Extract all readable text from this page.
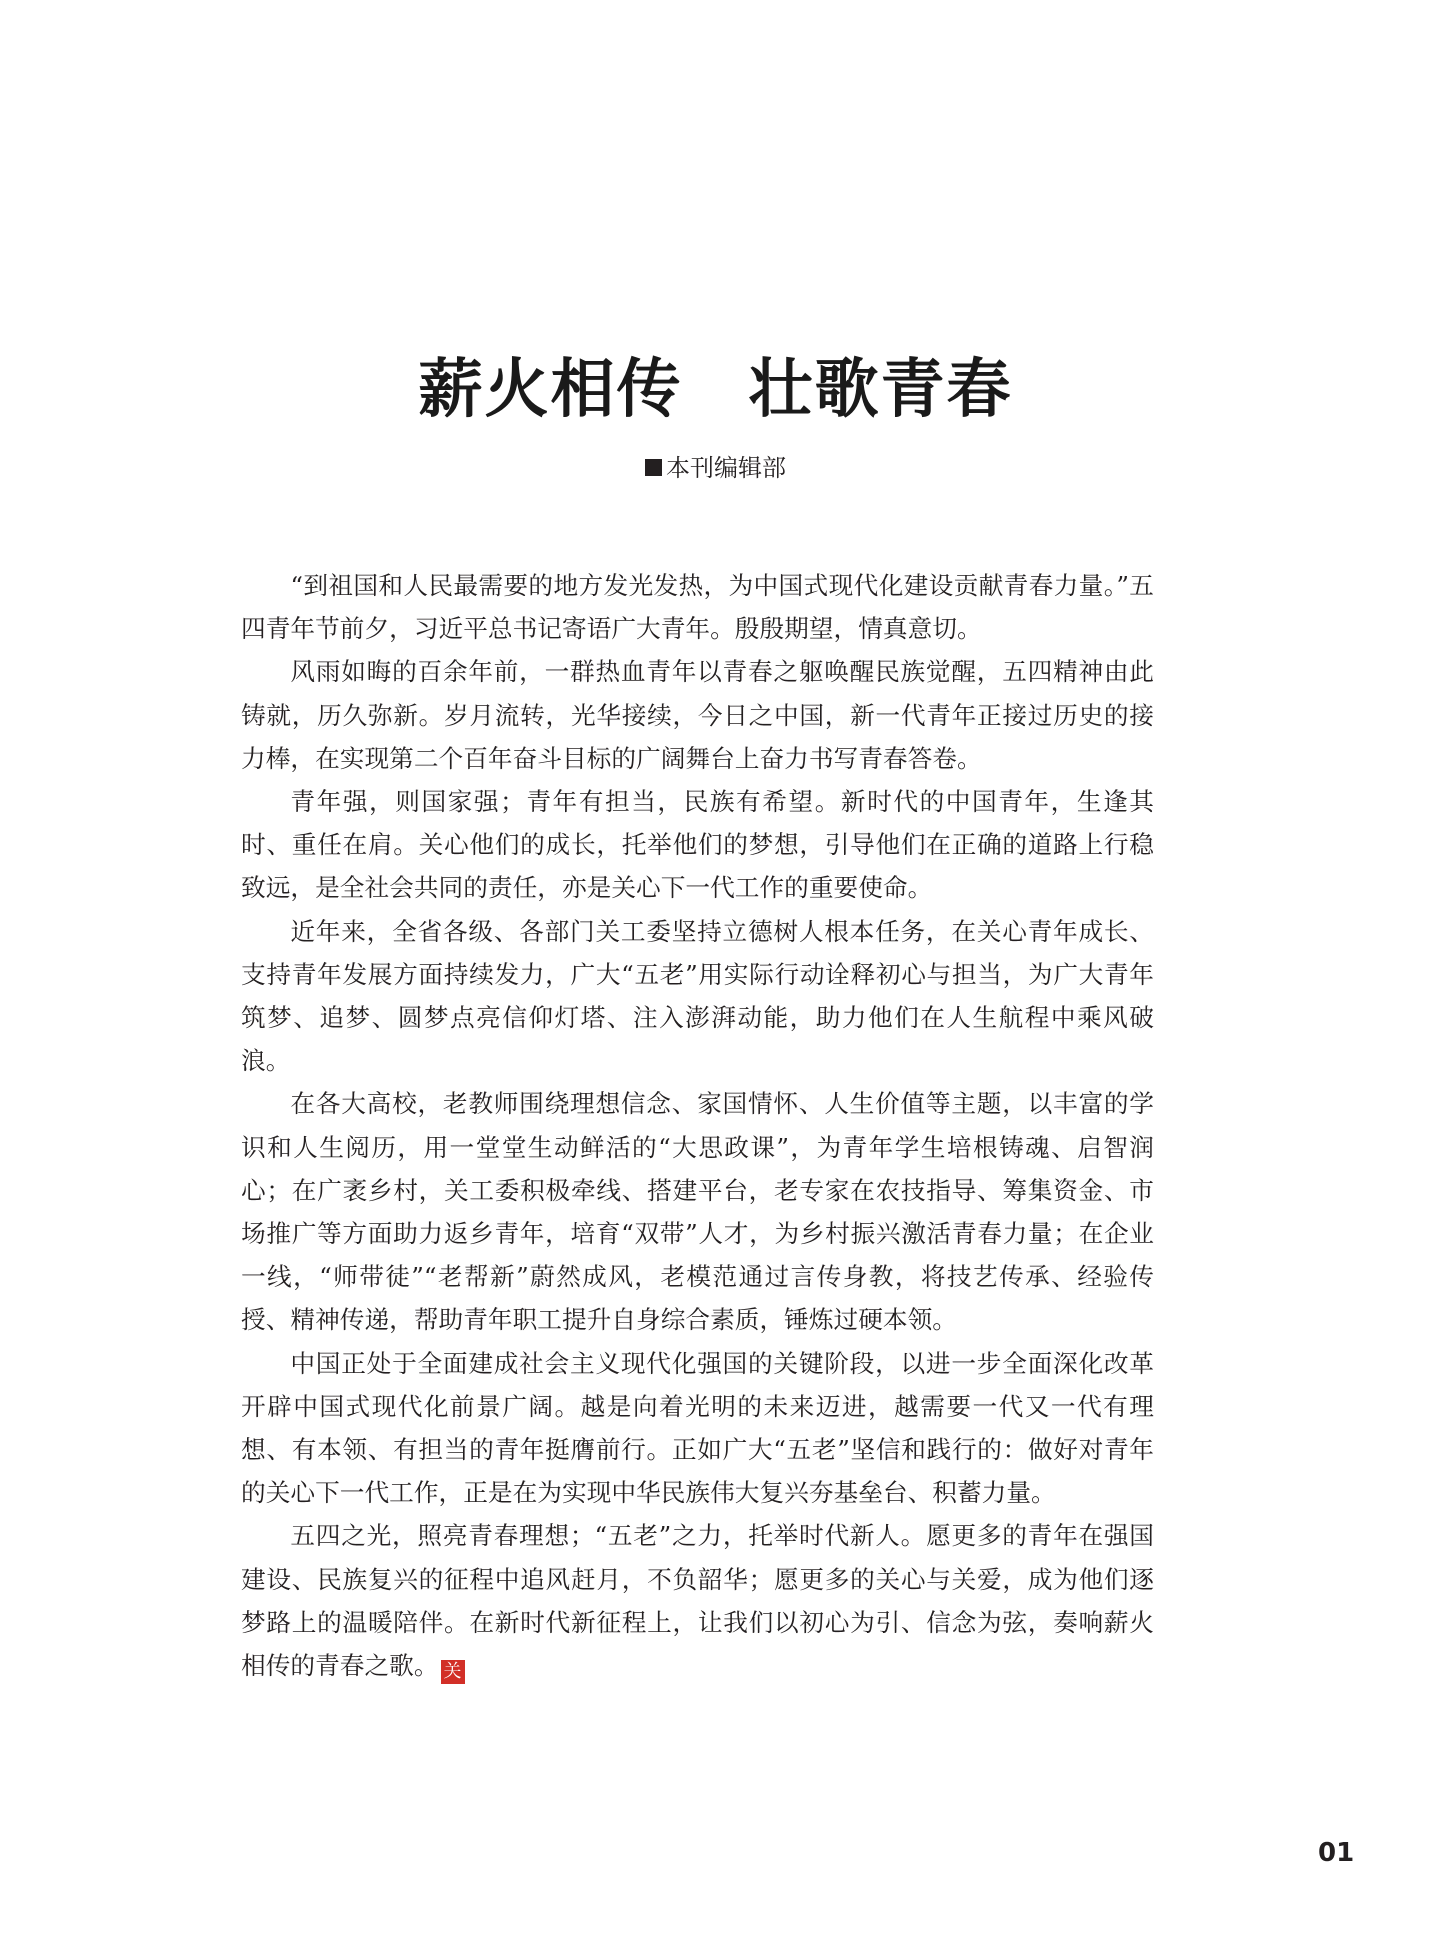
薪火相传　壮歌青春
本刊编辑部

“到祖国和人民最需要的地方发光发热，为中国式现代化建设贡献青春力量。”五四青年节前夕，习近平总书记寄语广大青年。殷殷期望，情真意切。

风雨如晦的百余年前，一群热血青年以青春之躯唤醒民族觉醒，五四精神由此铸就，历久弥新。岁月流转，光华接续，今日之中国，新一代青年正接过历史的接力棒，在实现第二个百年奋斗目标的广阔舞台上奋力书写青春答卷。

青年强，则国家强；青年有担当，民族有希望。新时代的中国青年，生逢其时、重任在肩。关心他们的成长，托举他们的梦想，引导他们在正确的道路上行稳致远，是全社会共同的责任，亦是关心下一代工作的重要使命。

近年来，全省各级、各部门关工委坚持立德树人根本任务，在关心青年成长、支持青年发展方面持续发力，广大“五老”用实际行动诠释初心与担当，为广大青年筑梦、追梦、圆梦点亮信仰灯塔、注入澎湃动能，助力他们在人生航程中乘风破浪。

在各大高校，老教师围绕理想信念、家国情怀、人生价值等主题，以丰富的学识和人生阅历，用一堂堂生动鲜活的“大思政课”，为青年学生培根铸魂、启智润心；在广袤乡村，关工委积极牵线、搭建平台，老专家在农技指导、筹集资金、市场推广等方面助力返乡青年，培育“双带”人才，为乡村振兴激活青春力量；在企业一线，“师带徒”“老帮新”蔚然成风，老模范通过言传身教，将技艺传承、经验传授、精神传递，帮助青年职工提升自身综合素质，锤炼过硬本领。

中国正处于全面建成社会主义现代化强国的关键阶段，以进一步全面深化改革开辟中国式现代化前景广阔。越是向着光明的未来迈进，越需要一代又一代有理想、有本领、有担当的青年挺膺前行。正如广大“五老”坚信和践行的：做好对青年的关心下一代工作，正是在为实现中华民族伟大复兴夯基垒台、积蓄力量。

五四之光，照亮青春理想；“五老”之力，托举时代新人。愿更多的青年在强国建设、民族复兴的征程中追风赶月，不负韶华；愿更多的关心与关爱，成为他们逐梦路上的温暖陪伴。在新时代新征程上，让我们以初心为引、信念为弦，奏响薪火相传的青春之歌。 关

01
